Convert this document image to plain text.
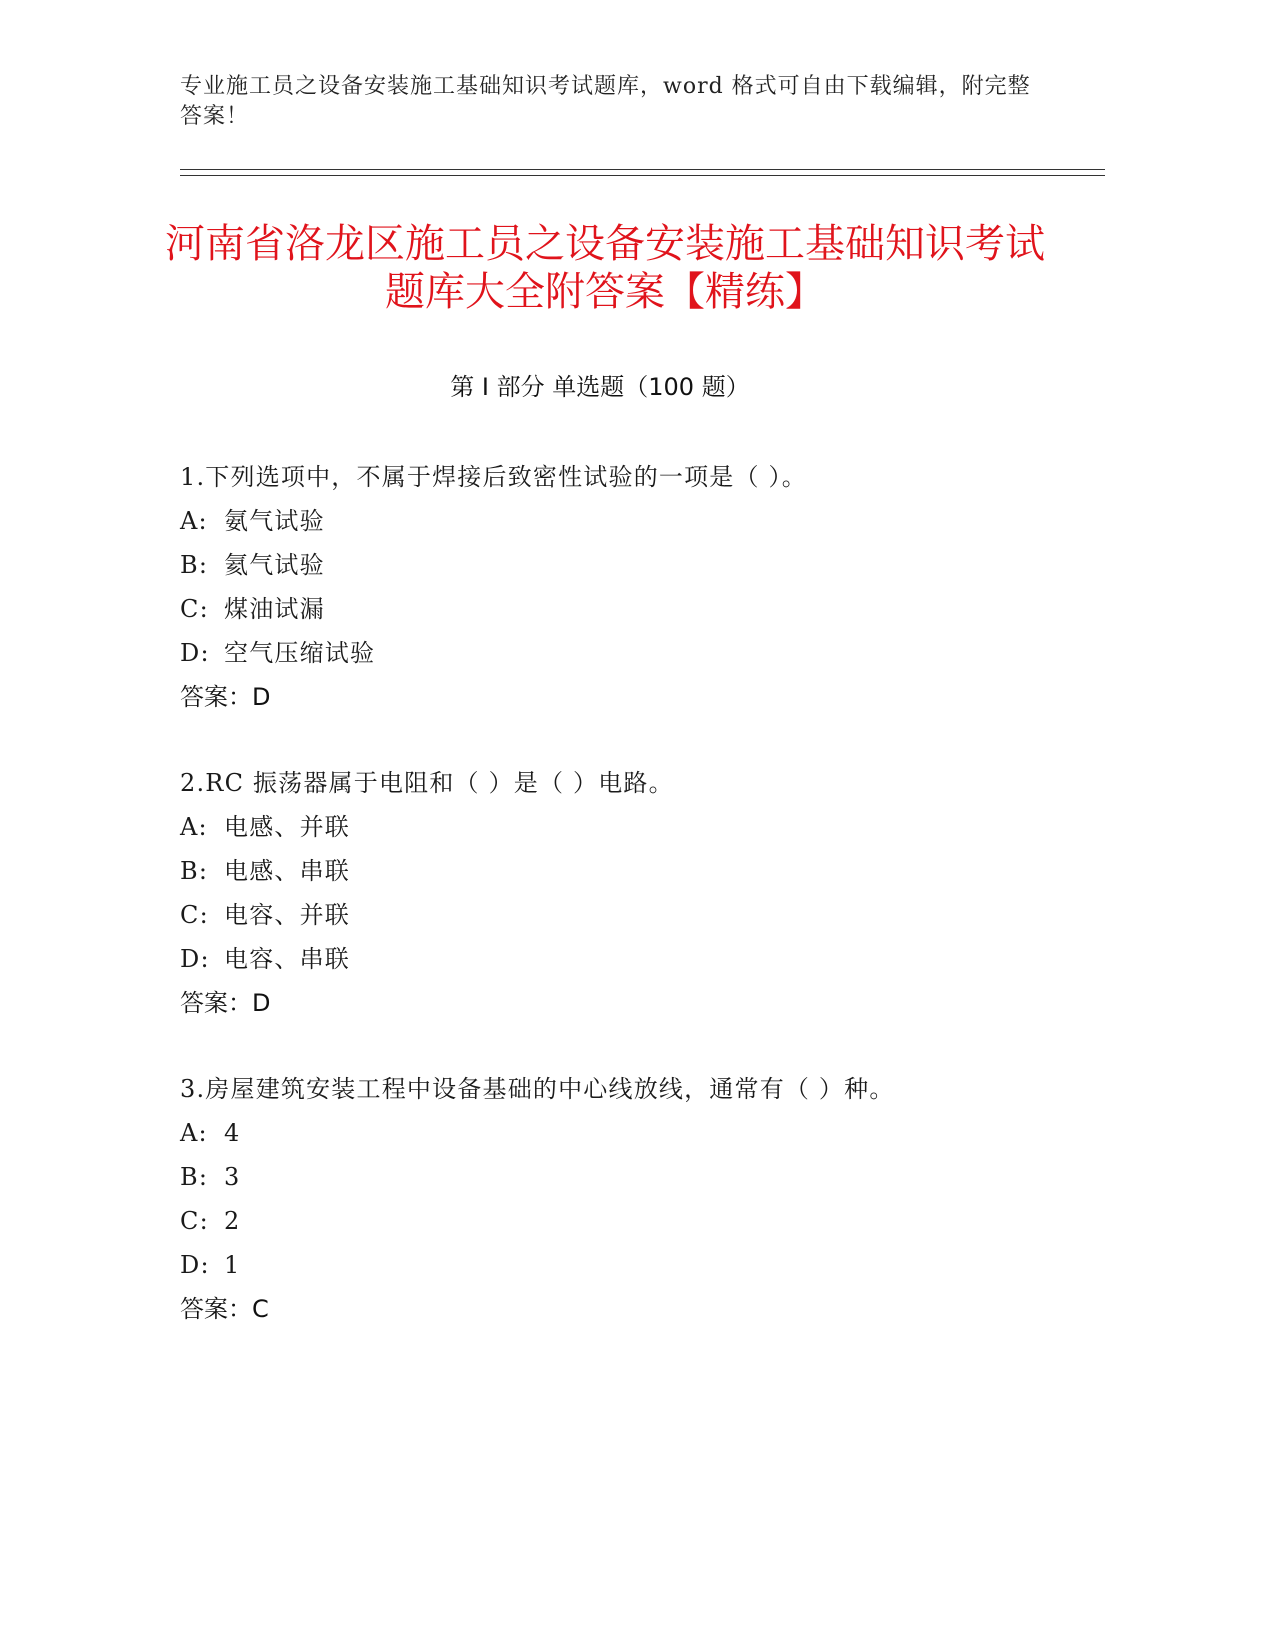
专业施工员之设备安装施工基础知识考试题库，word 格式可自由下载编辑，附完整答案！
河南省洛龙区施工员之设备安装施工基础知识考试题库大全附答案【精练】
第 I 部分 单选题（100 题）
1.下列选项中，不属于焊接后致密性试验的一项是（ ）。
A: 氨气试验
B: 氦气试验
C: 煤油试漏
D: 空气压缩试验
答案：D
2.RC 振荡器属于电阻和（ ）是（ ）电路。
A: 电感、并联
B: 电感、串联
C: 电容、并联
D: 电容、串联
答案：D
3.房屋建筑安装工程中设备基础的中心线放线，通常有（ ）种。
A: 4
B: 3
C: 2
D: 1
答案：C
